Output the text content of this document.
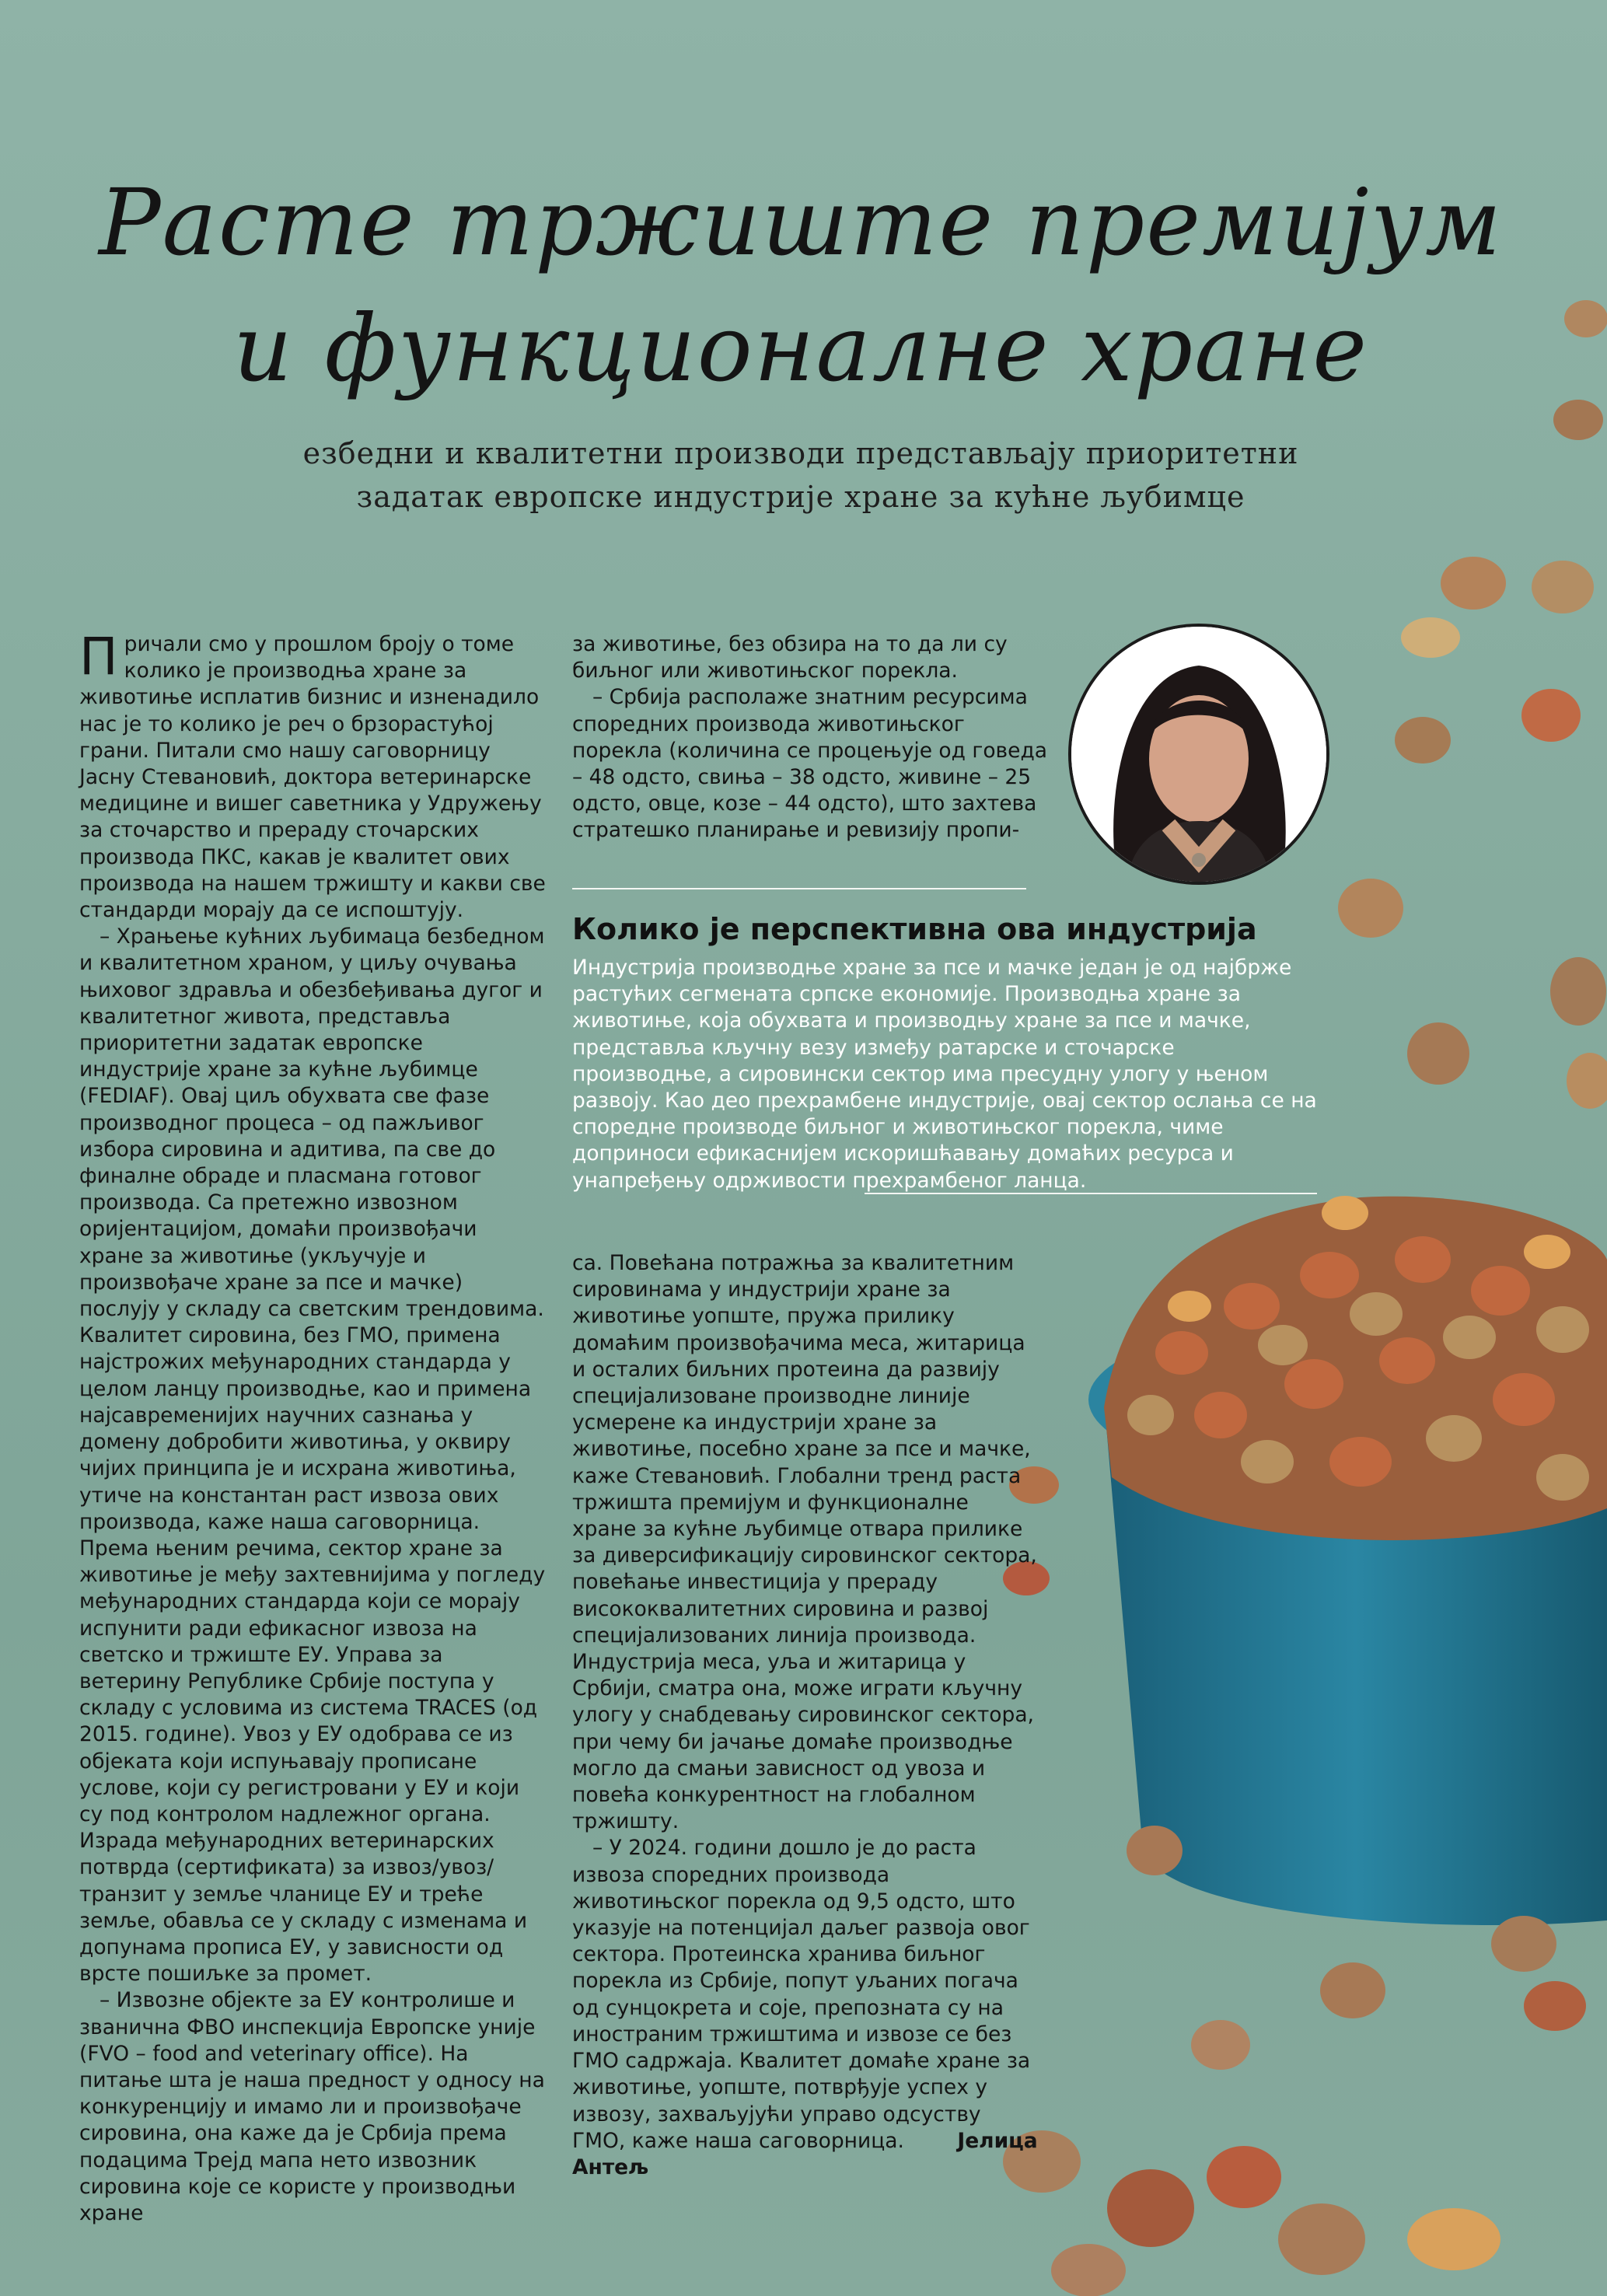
Расте тржиште премијум
и функционалне хране

езбедни и квалитетни производи представљају приоритетни
задатак европске индустрије хране за кућне љубимце

П ричали смо у прошлом броју о томе колико је производња хране за животиње исплатив бизнис и изненадило нас је то колико је реч о брзорастућој грани. Питали смо нашу саговорницу Јасну Стевановић, доктора ветеринарске медицине и вишег саветника у Удружењу за сточарство и прераду сточарских производа ПКС, какав је квалитет ових производа на нашем тржишту и какви све стандарди морају да се испоштују.

– Храњење кућних љубимаца безбедном и квалитетном храном, у циљу очувања њиховог здравља и обезбеђивања дугог и квалитетног живота, представља приоритетни задатак европске индустрије хране за кућне љубимце (FEDIAF). Овај циљ обухвата све фазе производног процеса – од пажљивог избора сировина и адитива, па све до финалне обраде и пласмана готовог производа. Са претежно извозном оријентацијом, домаћи произвођачи хране за животиње (укључује и произвођаче хране за псе и мачке) послују у складу са светским трендовима. Квалитет сировина, без ГМО, примена најстрожих међународних стандарда у целом ланцу производње, као и примена најсавременијих научних сазнања у домену добробити животиња, у оквиру чијих принципа је и исхрана животиња, утиче на константан раст извоза ових производа, каже наша саговорница. Према њеним речима, сектор хране за животиње је међу захтевнијима у погледу међународних стандарда који се морају испунити ради ефикасног извоза на светско и тржиште ЕУ. Управа за ветерину Републике Србије поступа у складу с условима из система TRACES (од 2015. године). Увоз у ЕУ одобрава се из објеката који испуњавају прописане услове, који су регистровани у ЕУ и који су под контролом надлежног органа. Израда међународних ветеринарских потврда (сертификата) за извоз/увоз/транзит у земље чланице ЕУ и треће земље, обавља се у складу с изменама и допунама прописа ЕУ, у зависности од врсте пошиљке за промет.

– Извозне објекте за ЕУ контролише и званична ФВО инспекција Европске уније (FVO – food and veterinary office). На питање шта је наша предност у односу на конкуренцију и имамо ли и произвођаче сировина, она каже да је Србија према подацима Трејд мапа нето извозник сировина које се користе у производњи хране

за животиње, без обзира на то да ли су биљног или животињског порекла.

– Србија располаже знатним ресурсима споредних производа животињског порекла (количина се процењује од говеда – 48 одсто, свиња – 38 одсто, живине – 25 одсто, овце, козе – 44 одсто), што захтева стратешко планирање и ревизију пропи-

Колико је перспективна ова индустрија

Индустрија производње хране за псе и мачке један је од најбрже растућих сегмената српске економије. Производња хране за животиње, која обухвата и производњу хране за псе и мачке, представља кључну везу између ратарске и сточарске производње, а сировински сектор има пресудну улогу у њеном развоју. Као део прехрамбене индустрије, овај сектор ослања се на споредне производе биљног и животињског порекла, чиме доприноси ефикаснијем искоришћавању домаћих ресурса и унапређењу одрживости прехрамбеног ланца.

са. Повећана потражња за квалитетним сировинама у индустрији хране за животиње уопште, пружа прилику домаћим произвођачима меса, житарица и осталих биљних протеина да развију специјализоване производне линије усмерене ка индустрији хране за животиње, посебно хране за псе и мачке, каже Стевановић. Глобални тренд раста тржишта премијум и функционалне хране за кућне љубимце отвара прилике за диверсификацију сировинског сектора, повећање инвестиција у прераду висококвалитетних сировина и развој специјализованих линија производа. Индустрија меса, уља и житарица у Србији, сматра она, може играти кључну улогу у снабдевању сировинског сектора, при чему би јачање домаће производње могло да смањи зависност од увоза и повећа конкурентност на глобалном тржишту.

– У 2024. години дошло је до раста извоза споредних производа животињског порекла од 9,5 одсто, што указује на потенцијал даљег развоја овог сектора. Протеинска хранива биљног порекла из Србије, попут уљаних погача од сунцокрета и соје, препозната су на иностраним тржиштима и извозе се без ГМО садржаја. Квалитет домаће хране за животиње, уопште, потврђује успех у извозу, захваљујући управо одсуству ГМО, каже наша саговорница.	Јелица Антељ
